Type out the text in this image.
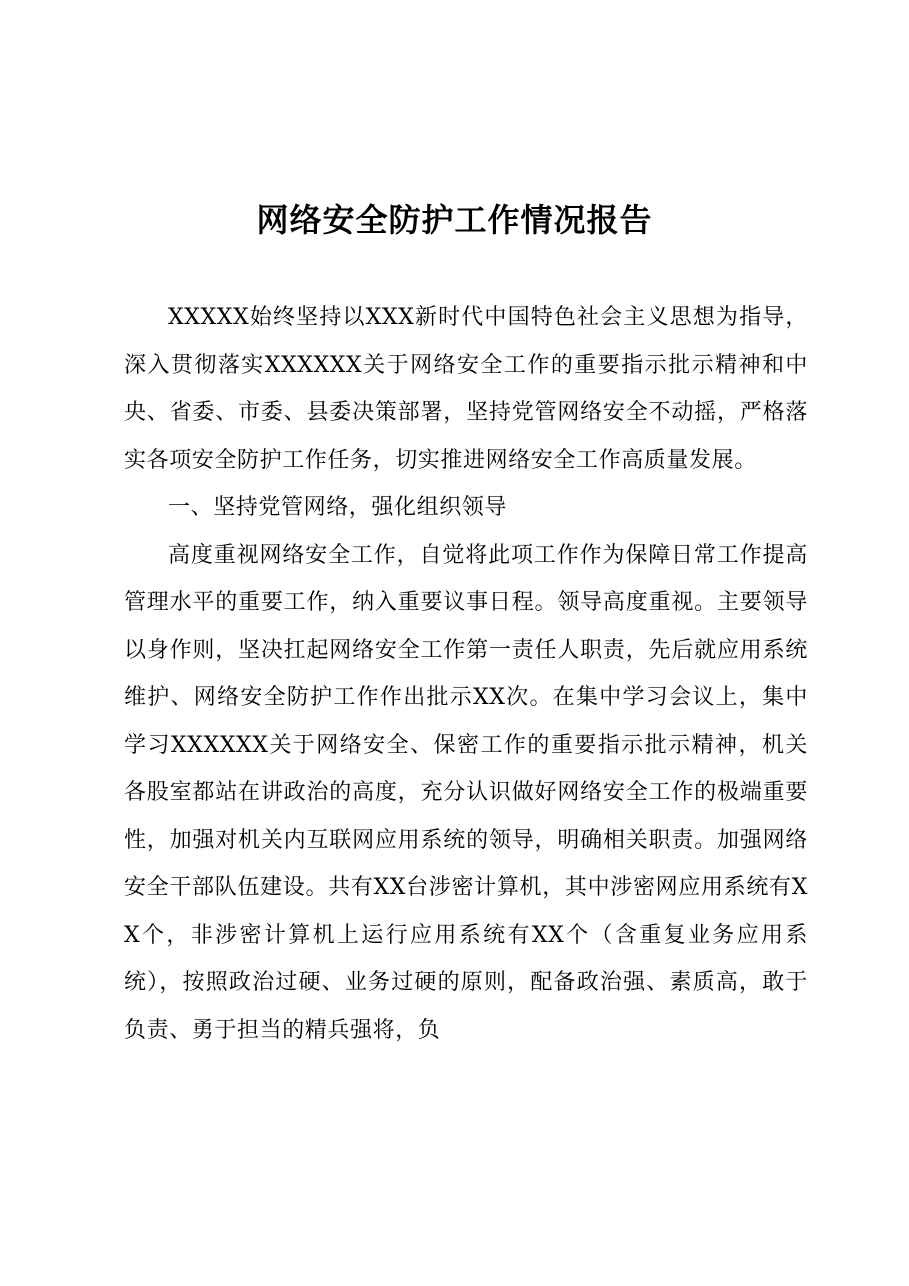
网络安全防护工作情况报告

XXXXX始终坚持以XXX新时代中国特色社会主义思想为指导，深入贯彻落实XXXXXX关于网络安全工作的重要指示批示精神和中央、省委、市委、县委决策部署，坚持党管网络安全不动摇，严格落实各项安全防护工作任务，切实推进网络安全工作高质量发展。

一、坚持党管网络，强化组织领导

高度重视网络安全工作，自觉将此项工作作为保障日常工作提高管理水平的重要工作，纳入重要议事日程。领导高度重视。主要领导以身作则，坚决扛起网络安全工作第一责任人职责，先后就应用系统维护、网络安全防护工作作出批示XX次。在集中学习会议上，集中学习XXXXXX关于网络安全、保密工作的重要指示批示精神，机关各股室都站在讲政治的高度，充分认识做好网络安全工作的极端重要性，加强对机关内互联网应用系统的领导，明确相关职责。加强网络安全干部队伍建设。共有XX台涉密计算机，其中涉密网应用系统有XX个，非涉密计算机上运行应用系统有XX个（含重复业务应用系统），按照政治过硬、业务过硬的原则，配备政治强、素质高，敢于负责、勇于担当的精兵强将，负
